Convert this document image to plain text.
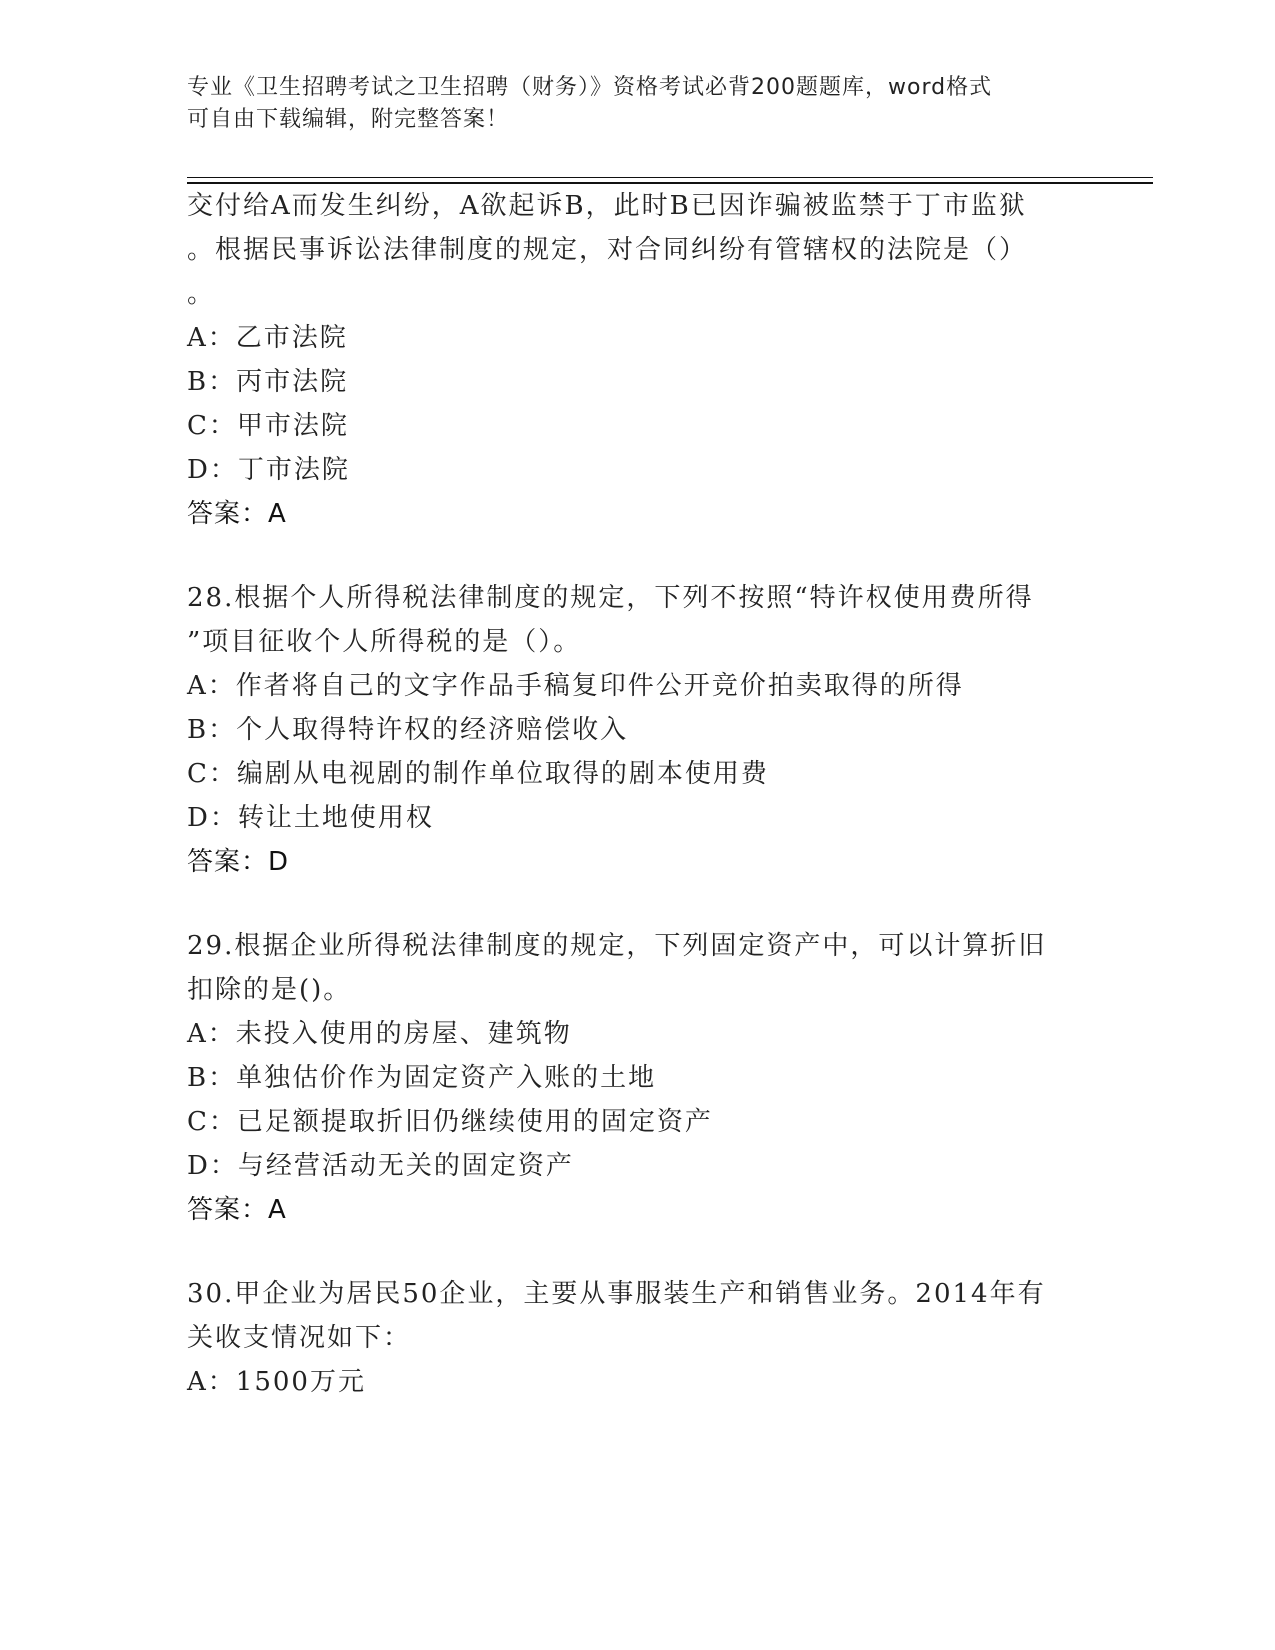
专业《卫生招聘考试之卫生招聘（财务）》资格考试必背200题题库，word格式
可自由下载编辑，附完整答案！
交付给A而发生纠纷，A欲起诉B，此时B已因诈骗被监禁于丁市监狱
。根据民事诉讼法律制度的规定，对合同纠纷有管辖权的法院是（）
。
A：乙市法院
B：丙市法院
C：甲市法院
D：丁市法院
答案：A
28.根据个人所得税法律制度的规定，下列不按照“特许权使用费所得
”项目征收个人所得税的是（）。
A：作者将自己的文字作品手稿复印件公开竞价拍卖取得的所得
B：个人取得特许权的经济赔偿收入
C：编剧从电视剧的制作单位取得的剧本使用费
D：转让土地使用权
答案：D
29.根据企业所得税法律制度的规定，下列固定资产中，可以计算折旧
扣除的是()。
A：未投入使用的房屋、建筑物
B：单独估价作为固定资产入账的土地
C：已足额提取折旧仍继续使用的固定资产
D：与经营活动无关的固定资产
答案：A
30.甲企业为居民50企业，主要从事服装生产和销售业务。2014年有
关收支情况如下：
A：1500万元
